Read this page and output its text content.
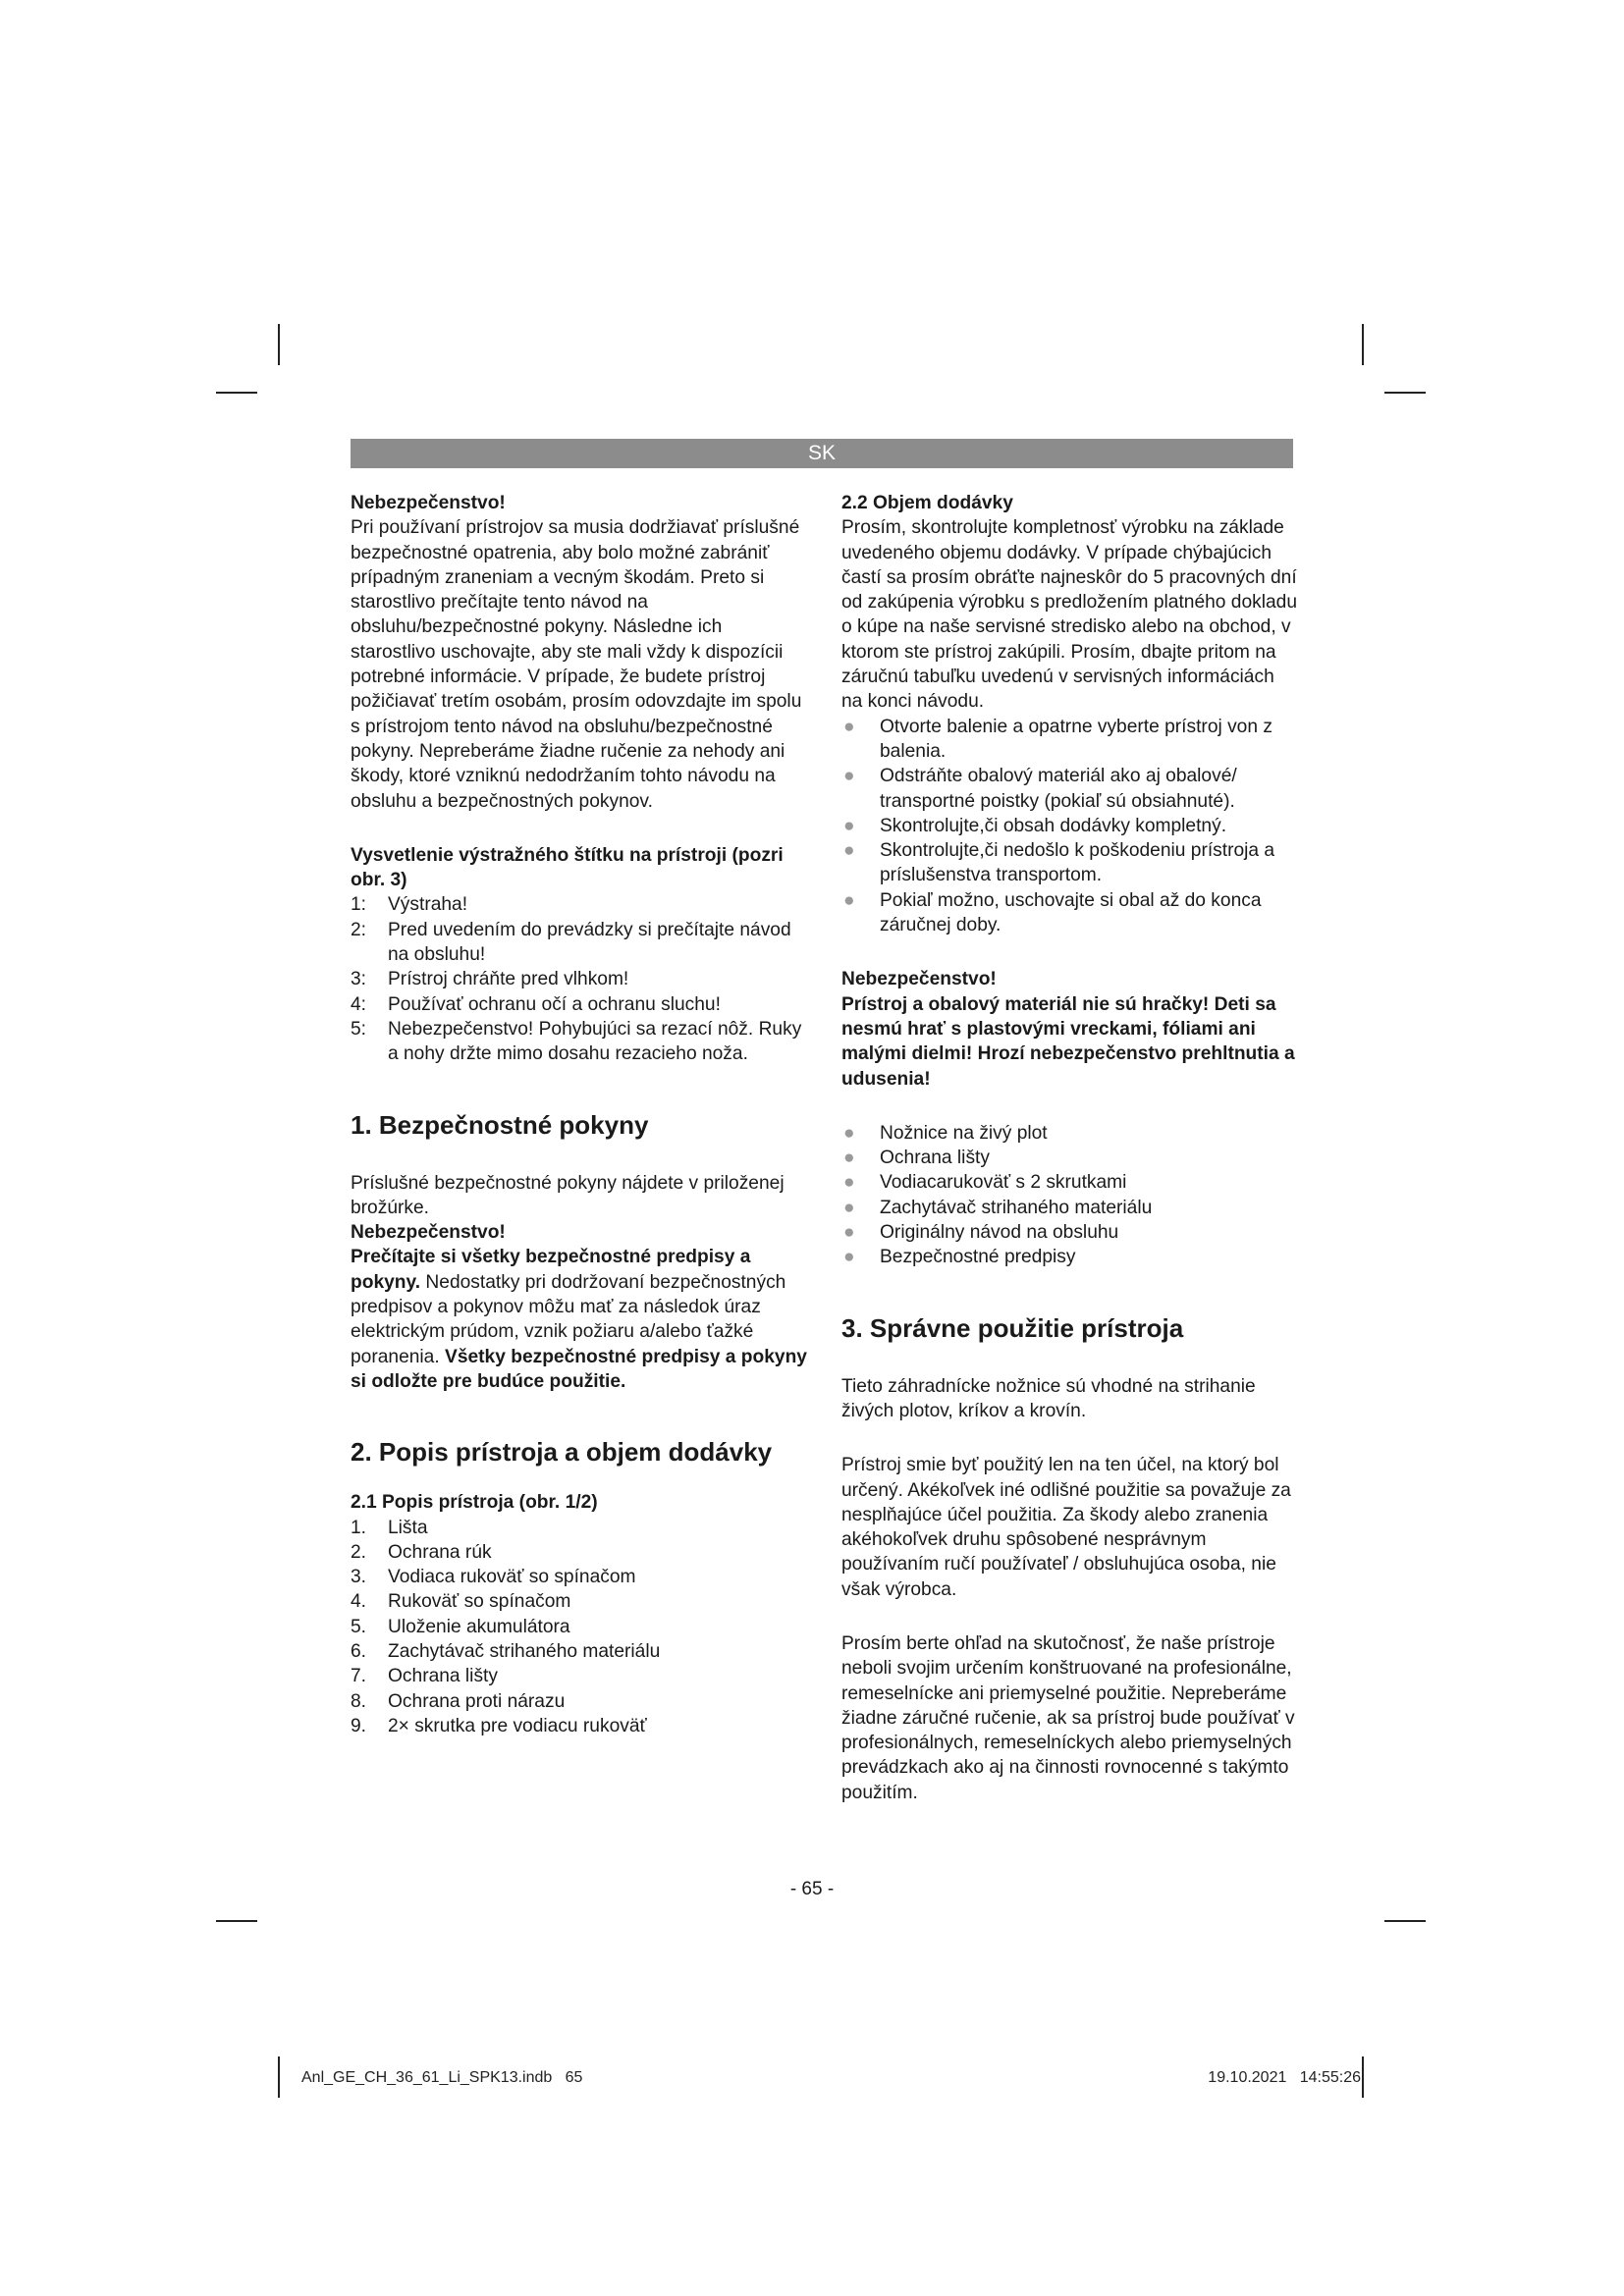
SK

Nebezpečenstvo!

Pri používaní prístrojov sa musia dodržiavať príslušné bezpečnostné opatrenia, aby bolo možné zabrániť prípadným zraneniam a vecným škodám. Preto si starostlivo prečítajte tento návod na obsluhu/bezpečnostné pokyny. Následne ich starostlivo uschovajte, aby ste mali vždy k dispozícii potrebné informácie. V prípade, že budete prístroj požičiavať tretím osobám, prosím odovzdajte im spolu s prístrojom tento návod na obsluhu/bezpečnostné pokyny. Nepreberáme žiadne ručenie za nehody ani škody, ktoré vzniknú nedodržaním tohto návodu na obsluhu a bezpečnostných pokynov.

Vysvetlenie výstražného štítku na prístroji (pozri obr. 3)

1:	Výstraha!
2:	Pred uvedením do prevádzky si prečítajte návod na obsluhu!
3:	Prístroj chráňte pred vlhkom!
4:	Používať ochranu očí a ochranu sluchu!
5:	Nebezpečenstvo! Pohybujúci sa rezací nôž. Ruky a nohy držte mimo dosahu rezacieho noža.
1. Bezpečnostné pokyny

Príslušné bezpečnostné pokyny nájdete v priloženej brožúrke.

Nebezpečenstvo!

Prečítajte si všetky bezpečnostné predpisy a pokyny. Nedostatky pri dodržovaní bezpečnostných predpisov a pokynov môžu mať za následok úraz elektrickým prúdom, vznik požiaru a/alebo ťažké poranenia. Všetky bezpečnostné predpisy a pokyny si odložte pre budúce použitie.

2. Popis prístroja a objem dodávky

2.1 Popis prístroja (obr. 1/2)

1.	Lišta
2.	Ochrana rúk
3.	Vodiaca rukoväť so spínačom
4.	Rukoväť so spínačom
5.	Uloženie akumulátora
6.	Zachytávač strihaného materiálu
7.	Ochrana lišty
8.	Ochrana proti nárazu
9.	2× skrutka pre vodiacu rukoväť

2.2 Objem dodávky

Prosím, skontrolujte kompletnosť výrobku na základe uvedeného objemu dodávky. V prípade chýbajúcich častí sa prosím obráťte najneskôr do 5 pracovných dní od zakúpenia výrobku s predložením platného dokladu o kúpe na naše servisné stredisko alebo na obchod, v ktorom ste prístroj zakúpili. Prosím, dbajte pritom na záručnú tabuľku uvedenú v servisných informáciách na konci návodu.

●	Otvorte balenie a opatrne vyberte prístroj von z balenia.
●	Odstráňte obalový materiál ako aj obalové/ transportné poistky (pokiaľ sú obsiahnuté).
●	Skontrolujte,či obsah dodávky kompletný.
●	Skontrolujte,či nedošlo k poškodeniu prístroja a príslušenstva transportom.
●	Pokiaľ možno, uschovajte si obal až do konca záručnej doby.

Nebezpečenstvo!

Prístroj a obalový materiál nie sú hračky! Deti sa nesmú hrať s plastovými vreckami, fóliami ani malými dielmi! Hrozí nebezpečenstvo prehltnutia a udusenia!

●	Nožnice na živý plot
●	Ochrana lišty
●	Vodiacarukoväť s 2 skrutkami
●	Zachytávač strihaného materiálu
●	Originálny návod na obsluhu
●	Bezpečnostné predpisy
3. Správne použitie prístroja

Tieto záhradnícke nožnice sú vhodné na strihanie živých plotov, kríkov a krovín.

Prístroj smie byť použitý len na ten účel, na ktorý bol určený. Akékoľvek iné odlišné použitie sa považuje za nesplňajúce účel použitia. Za škody alebo zranenia akéhokoľvek druhu spôsobené nesprávnym používaním ručí používateľ / obsluhujúca osoba, nie však výrobca.

Prosím berte ohľad na skutočnosť, že naše prístroje neboli svojim určením konštruované na profesionálne, remeselnícke ani priemyselné použitie. Nepreberáme žiadne záručné ručenie, ak sa prístroj bude používať v profesionálnych, remeselníckych alebo priemyselných prevádzkach ako aj na činnosti rovnocenné s takýmto použitím.

- 65 -
Anl_GE_CH_36_61_Li_SPK13.indb   65	19.10.2021   14:55:26
